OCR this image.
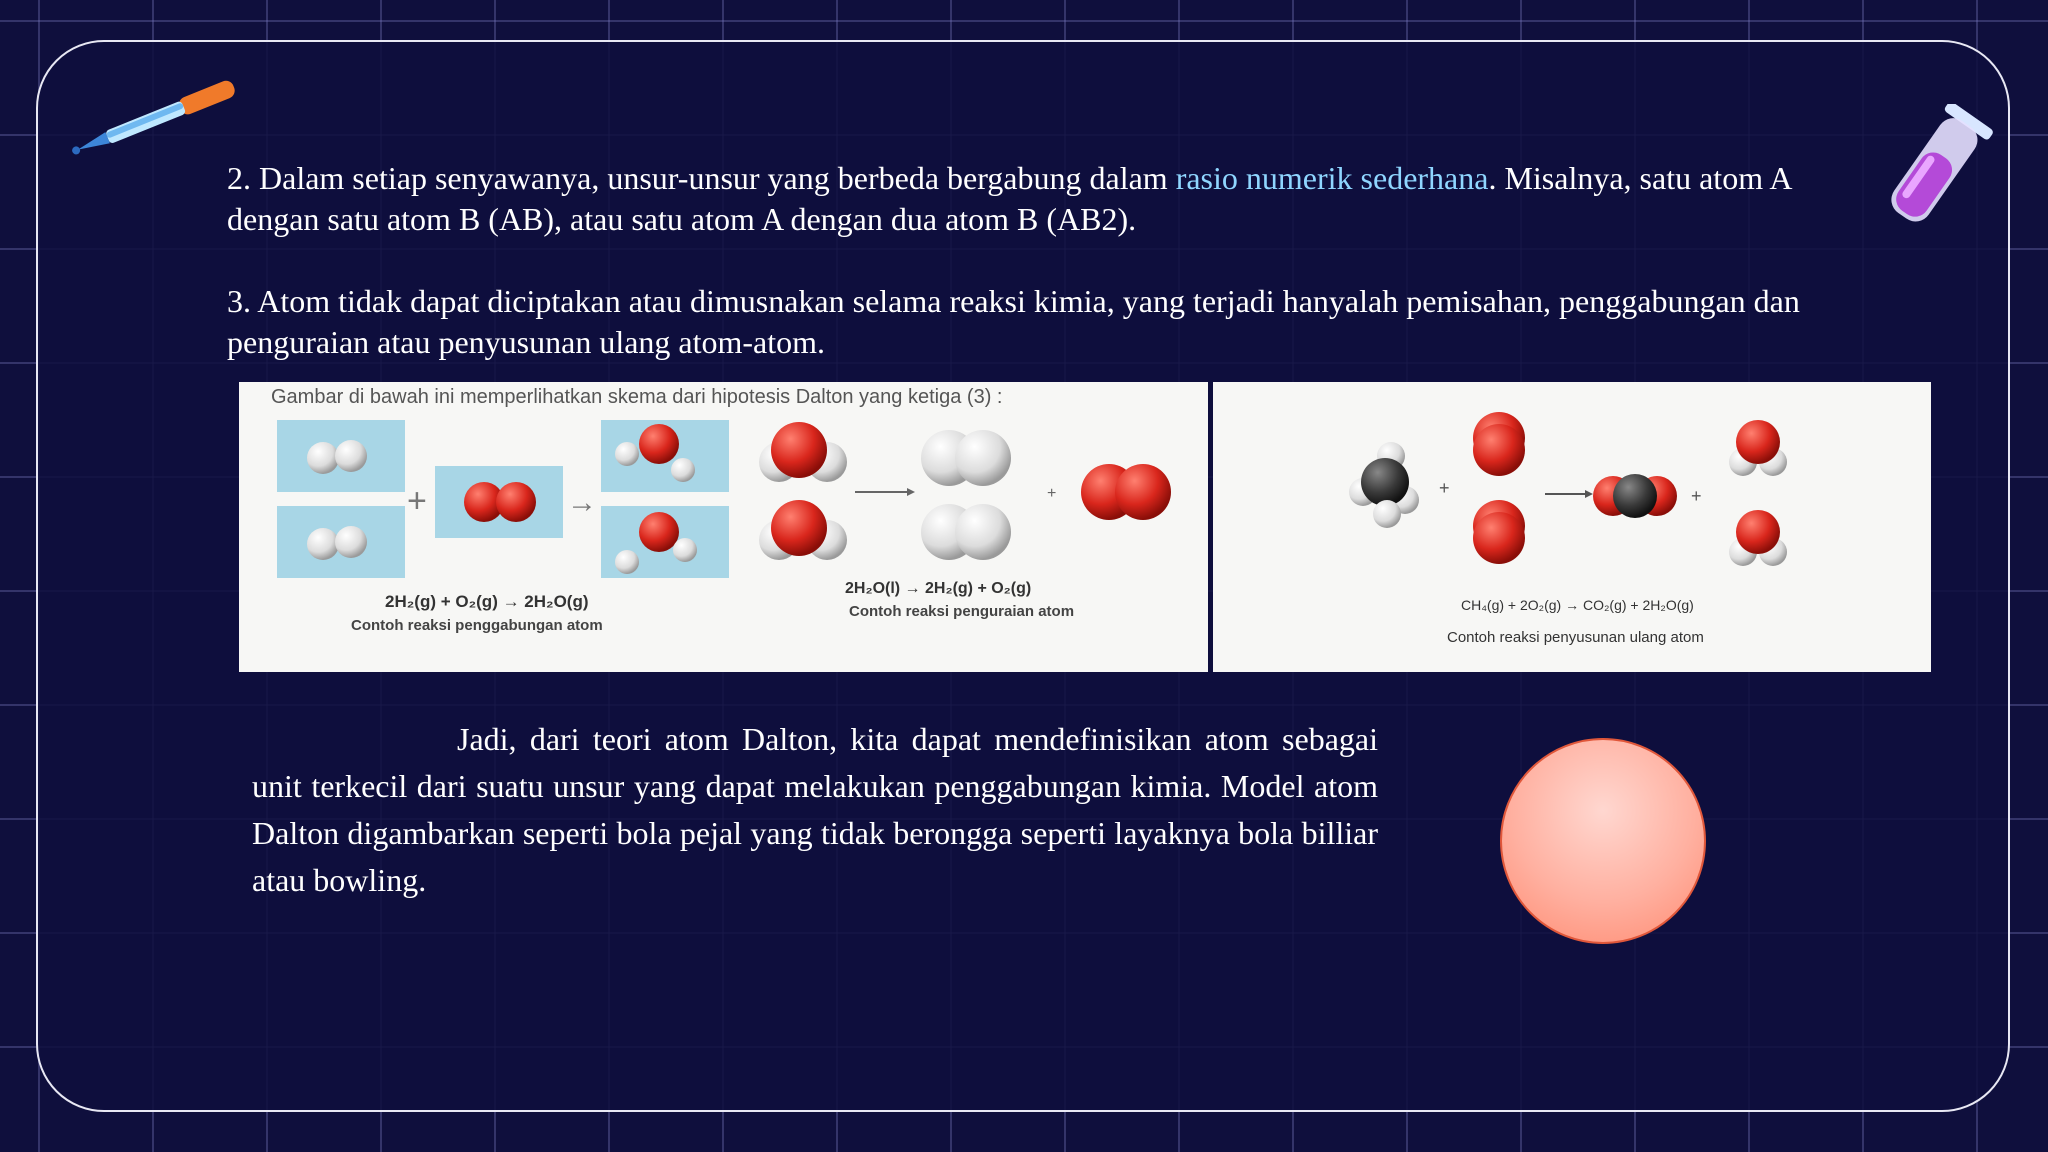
2. Dalam setiap senyawanya, unsur-unsur yang berbeda bergabung dalam rasio numerik sederhana. Misalnya, satu atom A dengan satu atom B (AB), atau satu atom A dengan dua atom B (AB2).

3. Atom tidak dapat diciptakan atau dimusnakan selama reaksi kimia, yang terjadi hanyalah pemisahan, penggabungan dan penguraian atau penyusunan ulang atom-atom.

Gambar di bawah ini memperlihatkan skema dari hipotesis Dalton yang ketiga (3) :
+	→
2H₂(g) + O₂(g) → 2H₂O(g)
Contoh reaksi penggabungan atom
+
2H₂O(l) → 2H₂(g) + O₂(g)
Contoh reaksi penguraian atom
+	+
CH₄(g) + 2O₂(g) → CO₂(g) + 2H₂O(g)
Contoh reaksi penyusunan ulang atom

Jadi, dari teori atom Dalton, kita dapat mendefinisikan atom sebagai unit terkecil dari suatu unsur yang dapat melakukan penggabungan kimia. Model atom Dalton digambarkan seperti bola pejal yang tidak berongga seperti layaknya bola billiar atau bowling.
